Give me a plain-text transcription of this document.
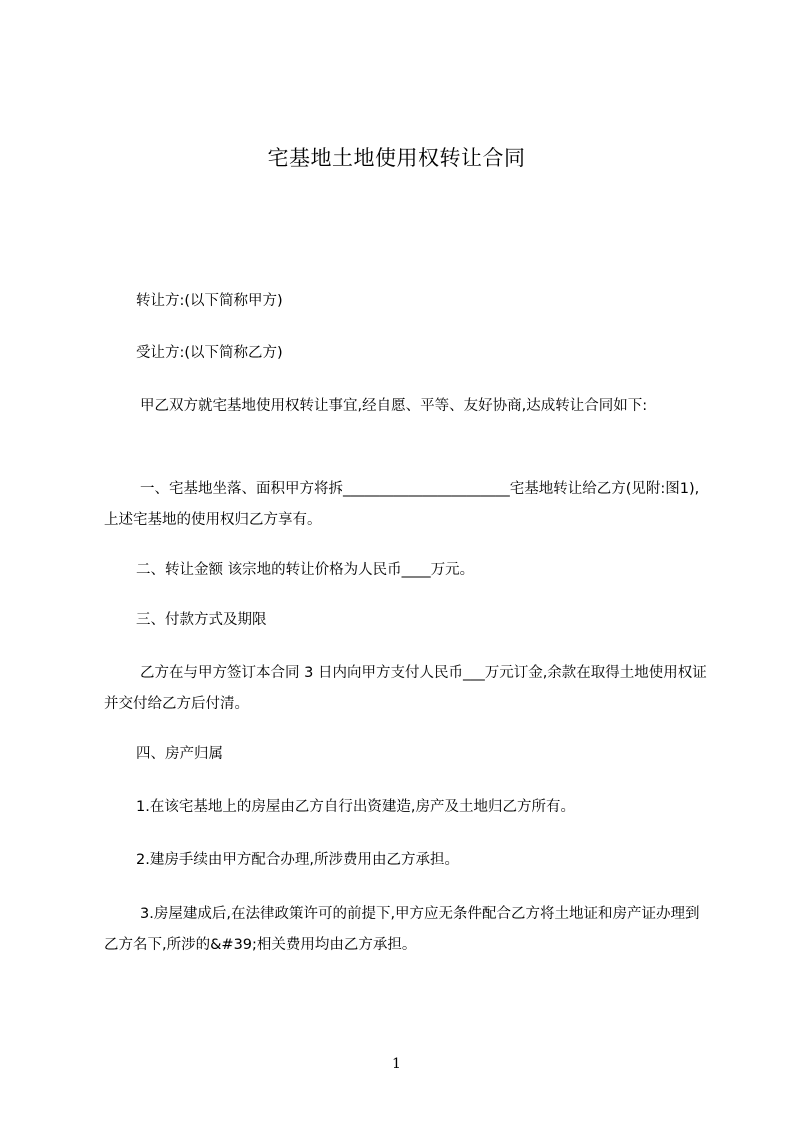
宅基地土地使用权转让合同

转让方:(以下简称甲方)

受让方:(以下简称乙方)

甲乙双方就宅基地使用权转让事宜,经自愿、平等、友好协商,达成转让合同如下:

一、宅基地坐落、面积甲方将拆_______________________宅基地转让给乙方(见附:图1), 上述宅基地的使用权归乙方享有。

二、转让金额 该宗地的转让价格为人民币____万元。

三、付款方式及期限

乙方在与甲方签订本合同 3 日内向甲方支付人民币___万元订金,余款在取得土地使用权证并交付给乙方后付清。

四、房产归属

1.在该宅基地上的房屋由乙方自行出资建造,房产及土地归乙方所有。

2.建房手续由甲方配合办理,所涉费用由乙方承担。

3.房屋建成后,在法律政策许可的前提下,甲方应无条件配合乙方将土地证和房产证办理到乙方名下,所涉的&#39;相关费用均由乙方承担。

1
